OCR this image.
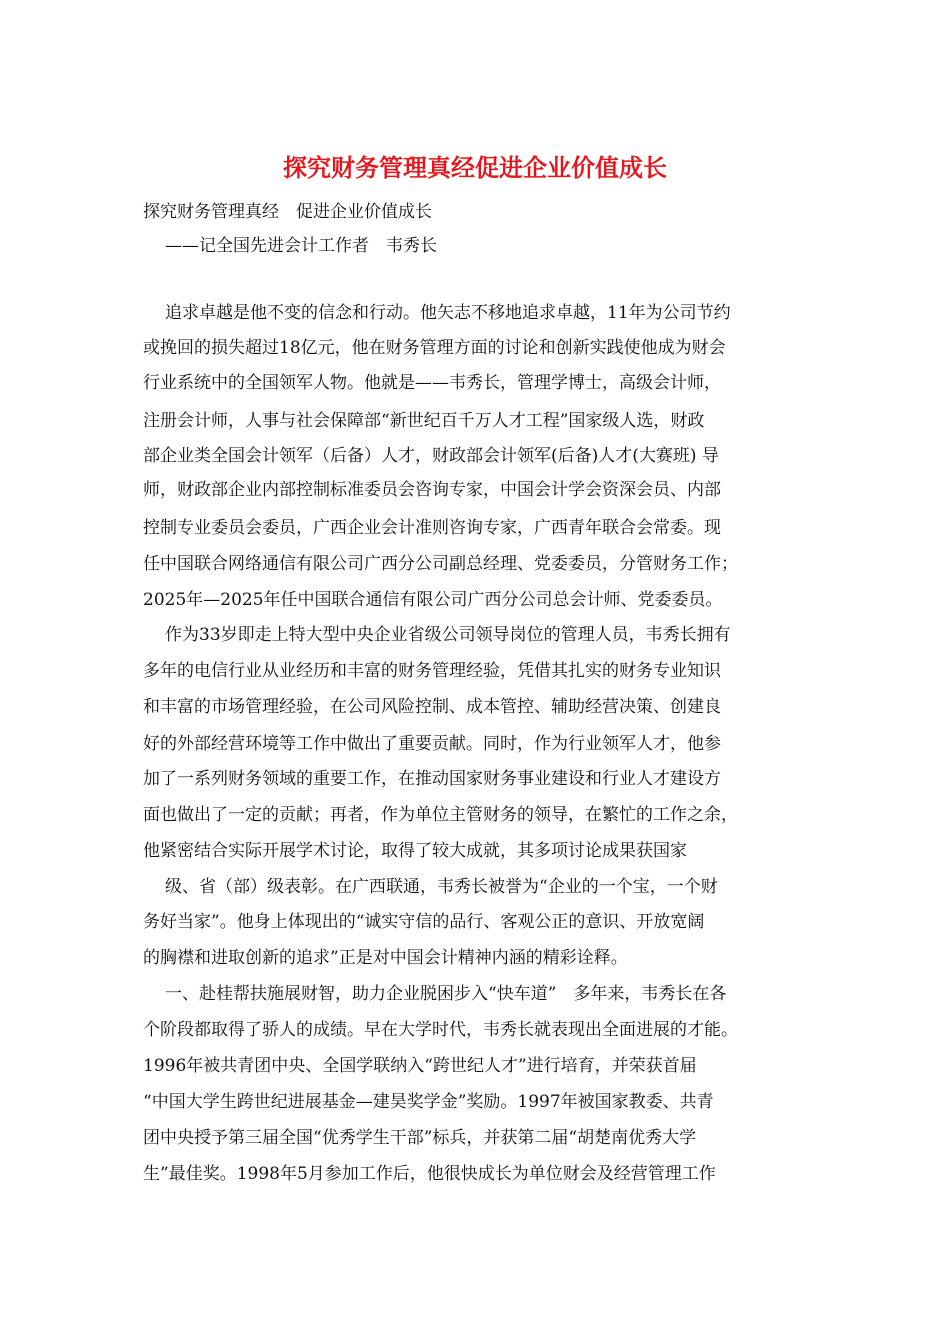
探究财务管理真经促进企业价值成长
探究财务管理真经　促进企业价值成长
——记全国先进会计工作者　韦秀长
追求卓越是他不变的信念和行动。他矢志不移地追求卓越，11年为公司节约
或挽回的损失超过18亿元，他在财务管理方面的讨论和创新实践使他成为财会
行业系统中的全国领军人物。他就是——韦秀长，管理学博士，高级会计师，
注册会计师，人事与社会保障部“新世纪百千万人才工程”国家级人选，财政
部企业类全国会计领军（后备）人才，财政部会计领军(后备)人才(大赛班) 导
师，财政部企业内部控制标准委员会咨询专家，中国会计学会资深会员、内部
控制专业委员会委员，广西企业会计准则咨询专家，广西青年联合会常委。现
任中国联合网络通信有限公司广西分公司副总经理、党委委员，分管财务工作；
2025年—2025年任中国联合通信有限公司广西分公司总会计师、党委委员。
作为33岁即走上特大型中央企业省级公司领导岗位的管理人员，韦秀长拥有
多年的电信行业从业经历和丰富的财务管理经验，凭借其扎实的财务专业知识
和丰富的市场管理经验，在公司风险控制、成本管控、辅助经营决策、创建良
好的外部经营环境等工作中做出了重要贡献。同时，作为行业领军人才，他参
加了一系列财务领域的重要工作，在推动国家财务事业建设和行业人才建设方
面也做出了一定的贡献；再者，作为单位主管财务的领导，在繁忙的工作之余，
他紧密结合实际开展学术讨论，取得了较大成就，其多项讨论成果获国家
级、省（部）级表彰。在广西联通，韦秀长被誉为“企业的一个宝，一个财
务好当家”。他身上体现出的“诚实守信的品行、客观公正的意识、开放宽阔
的胸襟和进取创新的追求”正是对中国会计精神内涵的精彩诠释。
一、赴桂帮扶施展财智，助力企业脱困步入“快车道”　多年来，韦秀长在各
个阶段都取得了骄人的成绩。早在大学时代，韦秀长就表现出全面进展的才能。
1996年被共青团中央、全国学联纳入“跨世纪人才”进行培育，并荣获首届
“中国大学生跨世纪进展基金—建昊奖学金”奖励。1997年被国家教委、共青
团中央授予第三届全国“优秀学生干部”标兵，并获第二届“胡楚南优秀大学
生”最佳奖。1998年5月参加工作后，他很快成长为单位财会及经营管理工作
